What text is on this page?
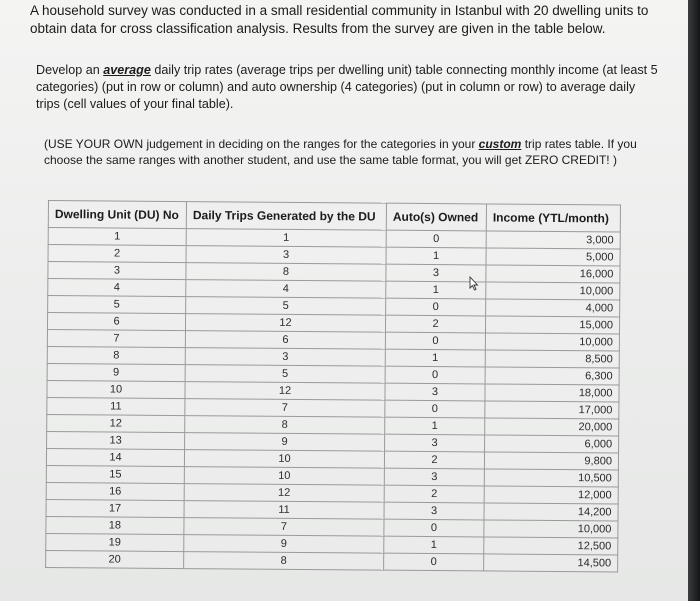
A household survey was conducted in a small residential community in Istanbul with 20 dwelling units to
obtain data for cross classification analysis. Results from the survey are given in the table below.
Develop an average daily trip rates (average trips per dwelling unit) table connecting monthly income (at least 5 categories) (put in row or column) and auto ownership (4 categories) (put in column or row) to average daily trips (cell values of your final table).
(USE YOUR OWN judgement in deciding on the ranges for the categories in your custom trip rates table. If you choose the same ranges with another student, and use the same table format, you will get ZERO CREDIT! )
Dwelling Unit (DU) No	Daily Trips Generated by the DU	Auto(s) Owned	Income (YTL/month)
1	1	0	3,000
2	3	1	5,000
3	8	3	16,000
4	4	1	10,000
5	5	0	4,000
6	12	2	15,000
7	6	0	10,000
8	3	1	8,500
9	5	0	6,300
10	12	3	18,000
11	7	0	17,000
12	8	1	20,000
13	9	3	6,000
14	10	2	9,800
15	10	3	10,500
16	12	2	12,000
17	11	3	14,200
18	7	0	10,000
19	9	1	12,500
20	8	0	14,500
